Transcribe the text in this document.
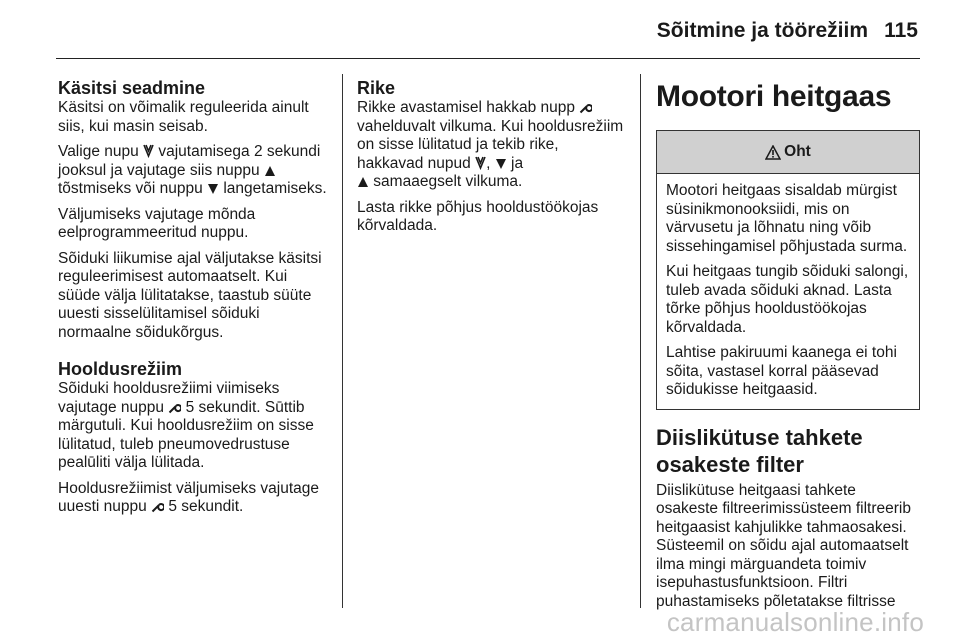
Sõitmine ja töörežiim 115
Käsitsi seadmine

Käsitsi on võimalik reguleerida ainult siis, kui masin seisab.

Valige nupu  vajutamisega 2 sekundi jooksul ja vajutage siis nuppu  tõstmiseks või nuppu  langetamiseks.

Väljumiseks vajutage mõnda eelprogrammeeritud nuppu.

Sõiduki liikumise ajal väljutakse käsitsi reguleerimisest automaatselt. Kui süüde välja lülitatakse, taastub süüte uuesti sisselülitamisel sõiduki normaalne sõidukõrgus.

Hooldusrežiim

Sõiduki hooldusrežiimi viimiseks vajutage nuppu  5 sekundit. Sūttib märgutuli. Kui hooldusrežiim on sisse lülitatud, tuleb pneumovedrustuse pealūliti välja lülitada.

Hooldusrežiimist väljumiseks vajutage uuesti nuppu  5 sekundit.

Rike

Rikke avastamisel hakkab nupp  vahelduvalt vilkuma. Kui hooldusrežiim on sisse lülitatud ja tekib rike, hakkavad nupud ,  ja
samaaegselt vilkuma.

Lasta rikke põhjus hooldustöökojas kõrvaldada.

Mootori heitgaas
Oht

Mootori heitgaas sisaldab mürgist süsinikmonooksiidi, mis on värvusetu ja lõhnatu ning võib sissehingamisel põhjustada surma.

Kui heitgaas tungib sõiduki salongi, tuleb avada sõiduki aknad. Lasta tõrke põhjus hooldustöökojas kõrvaldada.

Lahtise pakiruumi kaanega ei tohi sõita, vastasel korral pääsevad sõidukisse heitgaasid.

Diislikütuse tahkete osakeste filter

Diislikütuse heitgaasi tahkete osakeste filtreerimissüsteem filtreerib heitgaasist kahjulikke tahmaosakesi. Süsteemil on sõidu ajal automaatselt ilma mingi märguandeta toimiv isepuhastusfunktsioon. Filtri puhastamiseks põletatakse filtrisse

carmanualsonline.info
